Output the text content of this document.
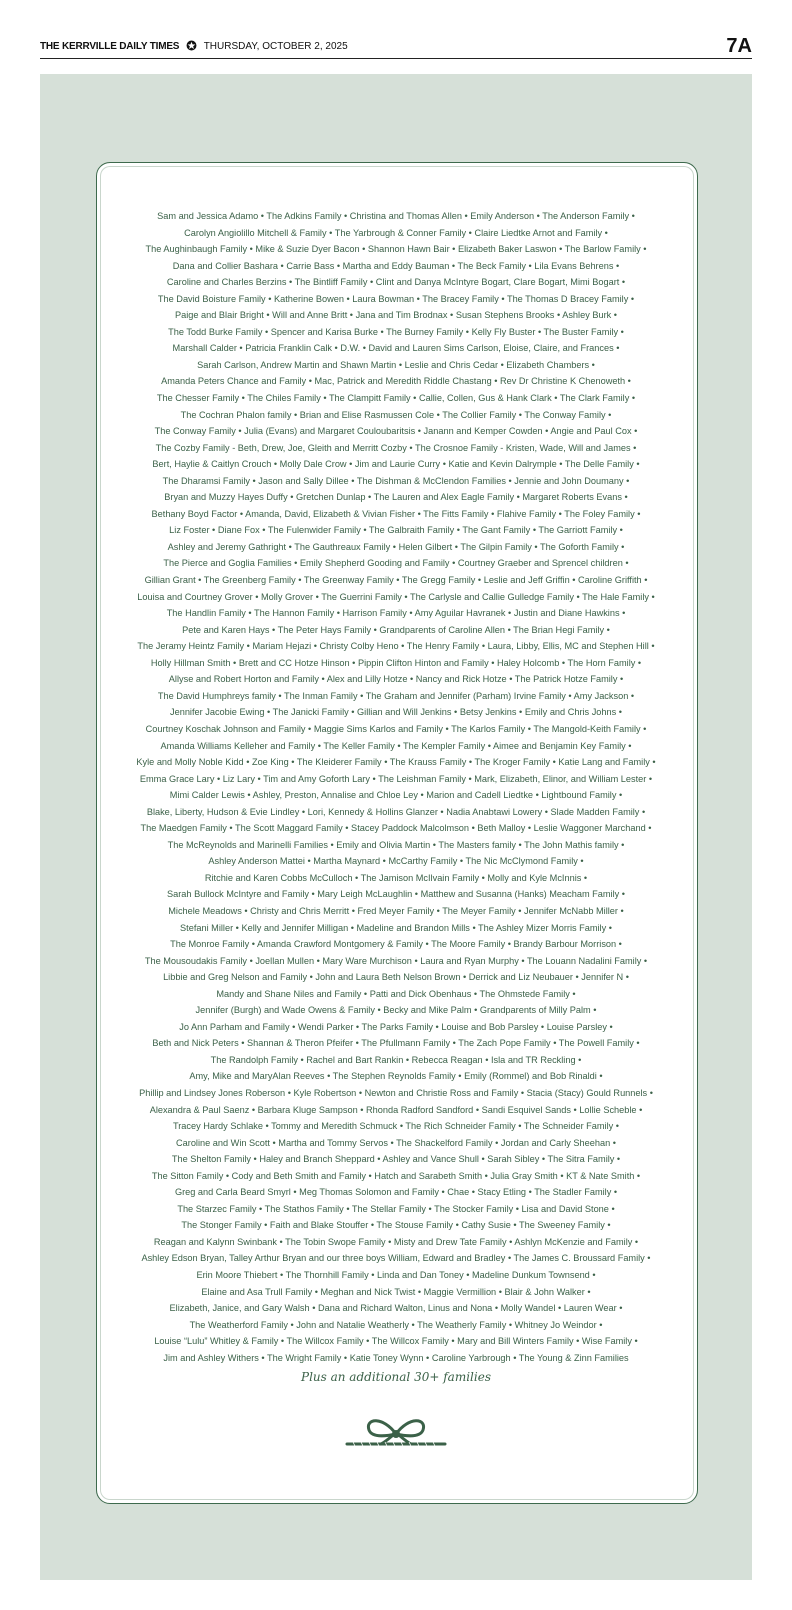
THE KERRVILLE DAILY TIMES THURSDAY, OCTOBER 2, 2025	7A
Sam and Jessica Adamo • The Adkins Family • Christina and Thomas Allen • Emily Anderson • The Anderson Family •
Carolyn Angiolillo Mitchell & Family • The Yarbrough & Conner Family • Claire Liedtke Arnot and Family •
The Aughinbaugh Family • Mike & Suzie Dyer Bacon • Shannon Hawn Bair • Elizabeth Baker Laswon • The Barlow Family •
Dana and Collier Bashara • Carrie Bass • Martha and Eddy Bauman • The Beck Family • Lila Evans Behrens •
Caroline and Charles Berzins • The Bintliff Family • Clint and Danya McIntyre Bogart, Clare Bogart, Mimi Bogart •
The David Boisture Family • Katherine Bowen • Laura Bowman • The Bracey Family • The Thomas D Bracey Family •
Paige and Blair Bright • Will and Anne Britt • Jana and Tim Brodnax • Susan Stephens Brooks • Ashley Burk •
The Todd Burke Family • Spencer and Karisa Burke • The Burney Family • Kelly Fly Buster • The Buster Family •
Marshall Calder • Patricia Franklin Calk • D.W. • David and Lauren Sims Carlson, Eloise, Claire, and Frances •
Sarah Carlson, Andrew Martin and Shawn Martin • Leslie and Chris Cedar • Elizabeth Chambers •
Amanda Peters Chance and Family • Mac, Patrick and Meredith Riddle Chastang • Rev Dr Christine K Chenoweth •
The Chesser Family • The Chiles Family • The Clampitt Family • Callie, Collen, Gus & Hank Clark • The Clark Family •
The Cochran Phalon family • Brian and Elise Rasmussen Cole • The Collier Family • The Conway Family •
The Conway Family • Julia (Evans) and Margaret Couloubaritsis • Janann and Kemper Cowden • Angie and Paul Cox •
The Cozby Family - Beth, Drew, Joe, Gleith and Merritt Cozby • The Crosnoe Family - Kristen, Wade, Will and James •
Bert, Haylie & Caitlyn Crouch • Molly Dale Crow • Jim and Laurie Curry • Katie and Kevin Dalrymple • The Delle Family •
The Dharamsi Family • Jason and Sally Dillee • The Dishman & McClendon Families • Jennie and John Doumany •
Bryan and Muzzy Hayes Duffy • Gretchen Dunlap • The Lauren and Alex Eagle Family • Margaret Roberts Evans •
Bethany Boyd Factor • Amanda, David, Elizabeth & Vivian Fisher • The Fitts Family • Flahive Family • The Foley Family •
Liz Foster • Diane Fox • The Fulenwider Family • The Galbraith Family • The Gant Family • The Garriott Family •
Ashley and Jeremy Gathright • The Gauthreaux Family • Helen Gilbert • The Gilpin Family • The Goforth Family •
The Pierce and Goglia Families • Emily Shepherd Gooding and Family • Courtney Graeber and Sprencel children •
Gillian Grant • The Greenberg Family • The Greenway Family • The Gregg Family • Leslie and Jeff Griffin • Caroline Griffith •
Louisa and Courtney Grover • Molly Grover • The Guerrini Family • The Carlysle and Callie Gulledge Family • The Hale Family •
The Handlin Family • The Hannon Family • Harrison Family • Amy Aguilar Havranek • Justin and Diane Hawkins •
Pete and Karen Hays • The Peter Hays Family • Grandparents of Caroline Allen • The Brian Hegi Family •
The Jeramy Heintz Family • Mariam Hejazi • Christy Colby Heno • The Henry Family • Laura, Libby, Ellis, MC and Stephen Hill •
Holly Hillman Smith • Brett and CC Hotze Hinson • Pippin Clifton Hinton and Family • Haley Holcomb • The Horn Family •
Allyse and Robert Horton and Family • Alex and Lilly Hotze • Nancy and Rick Hotze • The Patrick Hotze Family •
The David Humphreys family • The Inman Family • The Graham and Jennifer (Parham) Irvine Family • Amy Jackson •
Jennifer Jacobie Ewing • The Janicki Family • Gillian and Will Jenkins • Betsy Jenkins • Emily and Chris Johns •
Courtney Koschak Johnson and Family • Maggie Sims Karlos and Family • The Karlos Family • The Mangold-Keith Family •
Amanda Williams Kelleher and Family • The Keller Family • The Kempler Family • Aimee and Benjamin Key Family •
Kyle and Molly Noble Kidd • Zoe King • The Kleiderer Family • The Krauss Family • The Kroger Family • Katie Lang and Family •
Emma Grace Lary • Liz Lary • Tim and Amy Goforth Lary • The Leishman Family • Mark, Elizabeth, Elinor, and William Lester •
Mimi Calder Lewis • Ashley, Preston, Annalise and Chloe Ley • Marion and Cadell Liedtke • Lightbound Family •
Blake, Liberty, Hudson & Evie Lindley • Lori, Kennedy & Hollins Glanzer • Nadia Anabtawi Lowery • Slade Madden Family •
The Maedgen Family • The Scott Maggard Family • Stacey Paddock Malcolmson • Beth Malloy • Leslie Waggoner Marchand •
The McReynolds and Marinelli Families • Emily and Olivia Martin • The Masters family • The John Mathis family •
Ashley Anderson Mattei • Martha Maynard • McCarthy Family • The Nic McClymond Family •
Ritchie and Karen Cobbs McCulloch • The Jamison McIlvain Family • Molly and Kyle McInnis •
Sarah Bullock McIntyre and Family • Mary Leigh McLaughlin • Matthew and Susanna (Hanks) Meacham Family •
Michele Meadows • Christy and Chris Merritt • Fred Meyer Family • The Meyer Family • Jennifer McNabb Miller •
Stefani Miller • Kelly and Jennifer Milligan • Madeline and Brandon Mills • The Ashley Mizer Morris Family •
The Monroe Family • Amanda Crawford Montgomery & Family • The Moore Family • Brandy Barbour Morrison •
The Mousoudakis Family • Joellan Mullen • Mary Ware Murchison • Laura and Ryan Murphy • The Louann Nadalini Family •
Libbie and Greg Nelson and Family • John and Laura Beth Nelson Brown • Derrick and Liz Neubauer • Jennifer N •
Mandy and Shane Niles and Family • Patti and Dick Obenhaus • The Ohmstede Family •
Jennifer (Burgh) and Wade Owens & Family • Becky and Mike Palm • Grandparents of Milly Palm •
Jo Ann Parham and Family • Wendi Parker • The Parks Family • Louise and Bob Parsley • Louise Parsley •
Beth and Nick Peters • Shannan & Theron Pfeifer • The Pfullmann Family • The Zach Pope Family • The Powell Family •
The Randolph Family • Rachel and Bart Rankin • Rebecca Reagan • Isla and TR Reckling •
Amy, Mike and MaryAlan Reeves • The Stephen Reynolds Family • Emily (Rommel) and Bob Rinaldi •
Phillip and Lindsey Jones Roberson • Kyle Robertson • Newton and Christie Ross and Family • Stacia (Stacy) Gould Runnels •
Alexandra & Paul Saenz • Barbara Kluge Sampson • Rhonda Radford Sandford • Sandi Esquivel Sands • Lollie Scheble •
Tracey Hardy Schlake • Tommy and Meredith Schmuck • The Rich Schneider Family • The Schneider Family •
Caroline and Win Scott • Martha and Tommy Servos • The Shackelford Family • Jordan and Carly Sheehan •
The Shelton Family • Haley and Branch Sheppard • Ashley and Vance Shull • Sarah Sibley • The Sitra Family •
The Sitton Family • Cody and Beth Smith and Family • Hatch and Sarabeth Smith • Julia Gray Smith • KT & Nate Smith •
Greg and Carla Beard Smyrl • Meg Thomas Solomon and Family • Chae • Stacy Etling • The Stadler Family •
The Starzec Family • The Stathos Family • The Stellar Family • The Stocker Family • Lisa and David Stone •
The Stonger Family • Faith and Blake Stouffer • The Stouse Family • Cathy Susie • The Sweeney Family •
Reagan and Kalynn Swinbank • The Tobin Swope Family • Misty and Drew Tate Family • Ashlyn McKenzie and Family •
Ashley Edson Bryan, Talley Arthur Bryan and our three boys William, Edward and Bradley • The James C. Broussard Family •
Erin Moore Thiebert • The Thornhill Family • Linda and Dan Toney • Madeline Dunkum Townsend •
Elaine and Asa Trull Family • Meghan and Nick Twist • Maggie Vermillion • Blair & John Walker •
Elizabeth, Janice, and Gary Walsh • Dana and Richard Walton, Linus and Nona • Molly Wandel • Lauren Wear •
The Weatherford Family • John and Natalie Weatherly • The Weatherly Family • Whitney Jo Weindor •
Louise “Lulu” Whitley & Family • The Willcox Family • The Willcox Family • Mary and Bill Winters Family • Wise Family •
Jim and Ashley Withers • The Wright Family • Katie Toney Wynn • Caroline Yarbrough • The Young & Zinn Families
Plus an additional 30+ families
